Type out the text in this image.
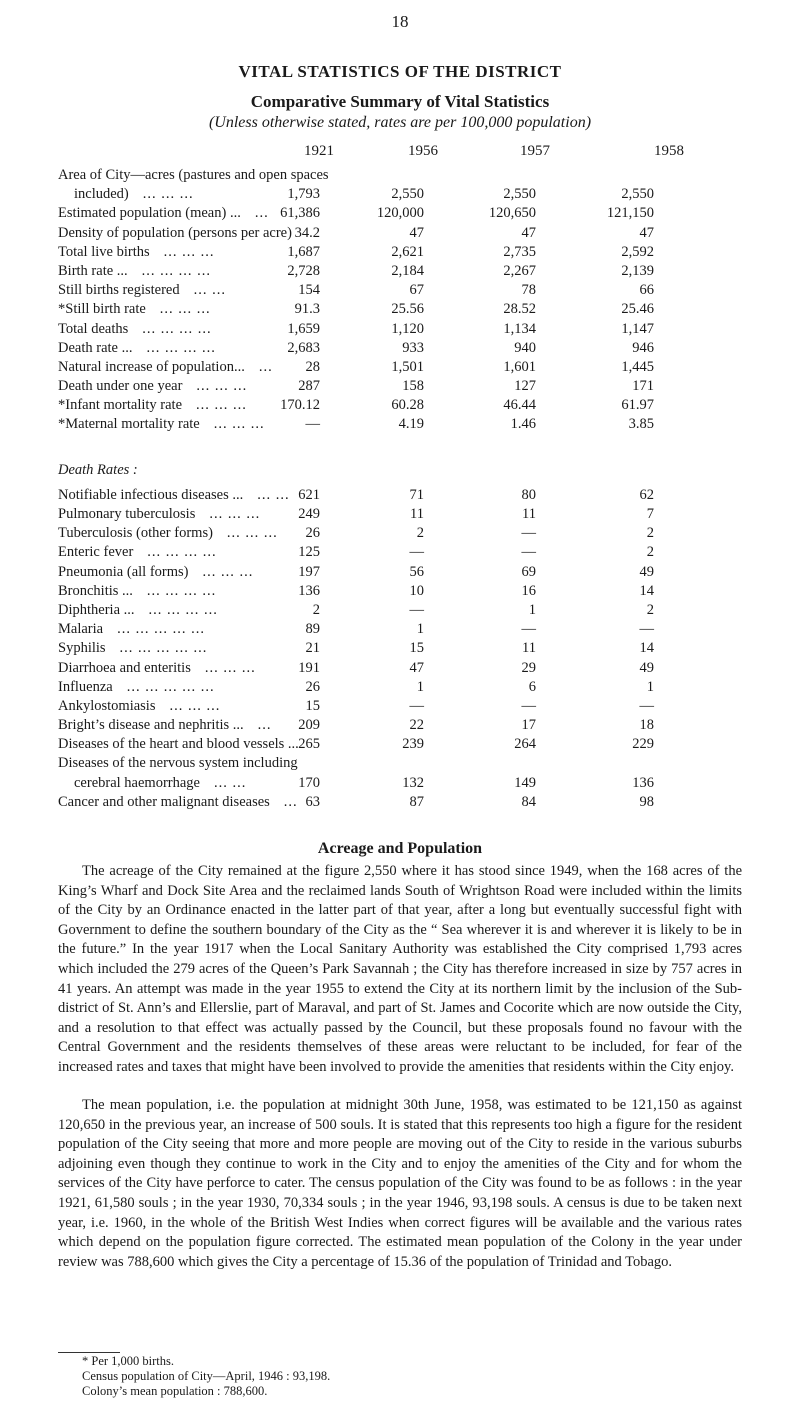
18
VITAL STATISTICS OF THE DISTRICT
Comparative Summary of Vital Statistics
(Unless otherwise stated, rates are per 100,000 population)
1921	1956	1957	1958
Area of City—acres (pastures and open spaces
included) ... ... ...	1,793	2,550	2,550	2,550
Estimated population (mean) ... ... 61,386	120,000	120,650	121,150
Density of population (persons per acre) 34.2	47	47	47
Total live births ... ... ...	1,687	2,621	2,735	2,592
Birth rate ... ... ... ... ...	2,728	2,184	2,267	2,139
Still births registered ... ...	154	67	78	66
*Still birth rate ... ... ...	91.3	25.56	28.52	25.46
Total deaths ... ... ... ...	1,659	1,120	1,134	1,147
Death rate ... ... ... ... ...	2,683	933	940	946
Natural increase of population... ...	28	1,501	1,601	1,445
Death under one year ... ... ...	287	158	127	171
*Infant mortality rate ... ... ...	170.12	60.28	46.44	61.97
*Maternal mortality rate ... ... ...	—	4.19	1.46	3.85
Death Rates :
Notifiable infectious diseases ... ... ... 621	71	80	62
Pulmonary tuberculosis ... ... ...	249	11	11	7
Tuberculosis (other forms) ... ... ...	26	2	—	2
Enteric fever ... ... ... ...	125	—	—	2
Pneumonia (all forms) ... ... ...	197	56	69	49
Bronchitis ... ... ... ... ...	136	10	16	14
Diphtheria ... ... ... ... ...	2	—	1	2
Malaria ... ... ... ... ...	89	1	—	—
Syphilis ... ... ... ... ...	21	15	11	14
Diarrhoea and enteritis ... ... ...	191	47	29	49
Influenza ... ... ... ... ...	26	1	6	1
Ankylostomiasis ... ... ...	15	—	—	—
Bright’s disease and nephritis ... ...	209	22	17	18
Diseases of the heart and blood vessels ... 265	239	264	229
Diseases of the nervous system including
cerebral haemorrhage ... ...	170	132	149	136
Cancer and other malignant diseases ... 63	87	84	98
Acreage and Population
The acreage of the City remained at the figure 2,550 where it has stood since 1949, when the 168 acres of the King’s Wharf and Dock Site Area and the reclaimed lands South of Wrightson Road were included within the limits of the City by an Ordinance enacted in the latter part of that year, after a long but eventually successful fight with Government to define the southern boundary of the City as the “ Sea wherever it is and wherever it is likely to be in the future.” In the year 1917 when the Local Sanitary Authority was established the City comprised 1,793 acres which included the 279 acres of the Queen’s Park Savannah ; the City has therefore increased in size by 757 acres in 41 years. An attempt was made in the year 1955 to extend the City at its northern limit by the inclusion of the Sub-district of St. Ann’s and Ellerslie, part of Maraval, and part of St. James and Cocorite which are now outside the City, and a resolution to that effect was actually passed by the Council, but these proposals found no favour with the Central Government and the residents themselves of these areas were reluctant to be included, for fear of the increased rates and taxes that might have been involved to provide the amenities that residents within the City enjoy.
The mean population, i.e. the population at midnight 30th June, 1958, was estimated to be 121,150 as against 120,650 in the previous year, an increase of 500 souls. It is stated that this represents too high a figure for the resident population of the City seeing that more and more people are moving out of the City to reside in the various suburbs adjoining even though they continue to work in the City and to enjoy the amenities of the City and for whom the services of the City have perforce to cater. The census population of the City was found to be as follows : in the year 1921, 61,580 souls ; in the year 1930, 70,334 souls ; in the year 1946, 93,198 souls. A census is due to be taken next year, i.e. 1960, in the whole of the British West Indies when correct figures will be available and the various rates which depend on the population figure corrected. The estimated mean population of the Colony in the year under review was 788,600 which gives the City a percentage of 15.36 of the population of Trinidad and Tobago.
* Per 1,000 births.
Census population of City—April, 1946 : 93,198.
Colony’s mean population : 788,600.
